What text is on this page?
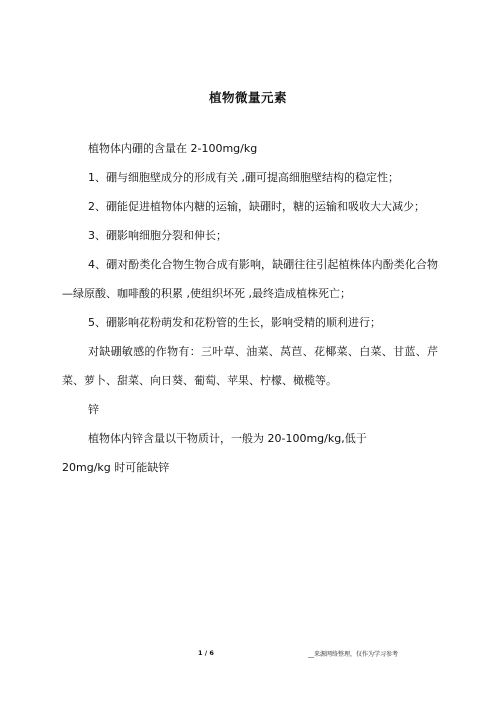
植物微量元素

植物体内硼的含量在 2-100mg/kg

1、硼与细胞壁成分的形成有关 ,硼可提高细胞壁结构的稳定性；

2、硼能促进植物体内糖的运输，缺硼时，糖的运输和吸收大大减少；

3、硼影响细胞分裂和伸长；

4、硼对酚类化合物生物合成有影响，缺硼往往引起植株体内酚类化合物—绿原酸、咖啡酸的积累 ,使组织坏死 ,最终造成植株死亡；

5、硼影响花粉萌发和花粉管的生长，影响受精的顺利进行；

对缺硼敏感的作物有：三叶草、油菜、莴苣、花椰菜、白菜、甘蓝、芹菜、萝卜、甜菜、向日葵、葡萄、苹果、柠檬、橄榄等。

锌

植物体内锌含量以干物质计，一般为 20-100mg/kg,低于

20mg/kg 时可能缺锌

1 / 6	__来源网络整理，仅作为学习参考
